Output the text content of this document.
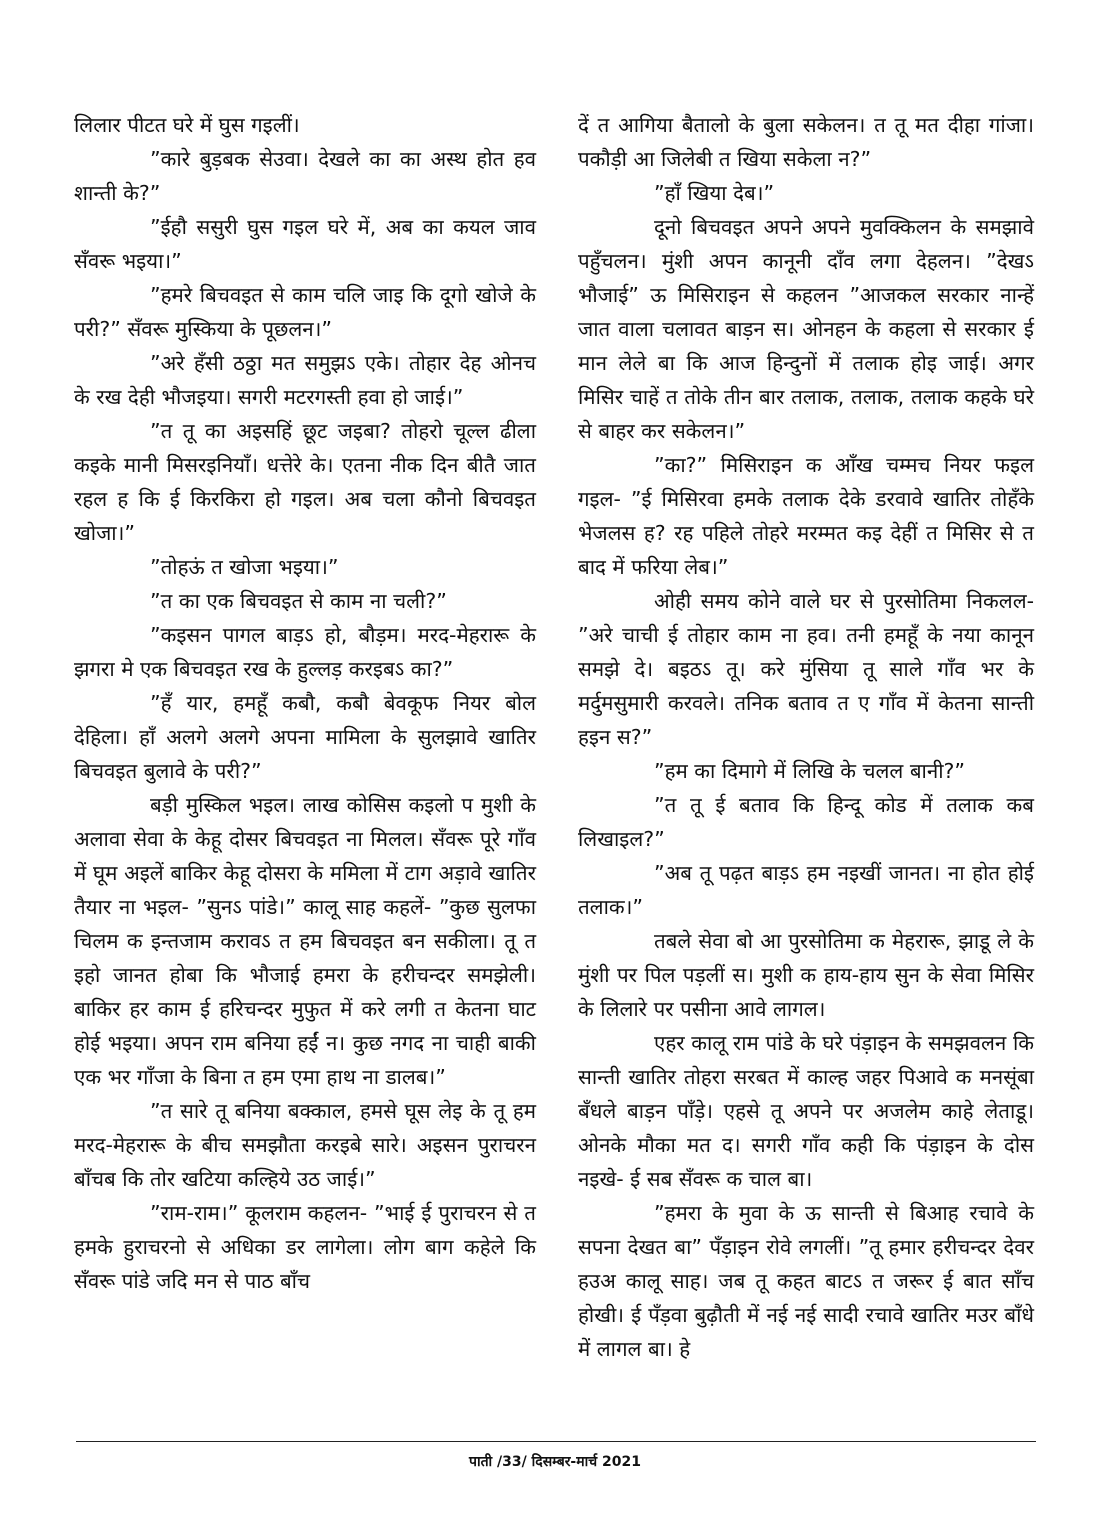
लिलार पीटत घरे में घुस गइलीं।

”कारे बुड़बक सेउवा। देखले का का अस्थ होत हव शान्ती के?”

”ईहौ ससुरी घुस गइल घरे में, अब का कयल जाव सँवरू भइया।”

”हमरे बिचवइत से काम चलि जाइ कि दूगो खोजे के परी?” सँवरू मुस्किया के पूछलन।”

”अरे हँसी ठठ्ठा मत समुझऽ एके। तोहार देह ओनच के रख देही भौजइया। सगरी मटरगस्ती हवा हो जाई।”

”त तू का अइसहिं छूट जइबा? तोहरो चूल्ल ढीला कइके मानी मिसरइनियाँ। धत्तेरे के। एतना नीक दिन बीतै जात रहल ह कि ई किरकिरा हो गइल। अब चला कौनो बिचवइत खोजा।”

”तोहऊं त खोजा भइया।”

”त का एक बिचवइत से काम ना चली?”

”कइसन पागल बाड़ऽ हो, बौड़म। मरद-मेहरारू के झगरा मे एक बिचवइत रख के हुल्लड़ करइबऽ का?”

”हँ यार, हमहूँ कबौ, कबौ बेवकूफ नियर बोल देहिला। हाँ अलगे अलगे अपना मामिला के सुलझावे खातिर बिचवइत बुलावे के परी?”

बड़ी मुस्किल भइल। लाख कोसिस कइलो प मुशी के अलावा सेवा के केहू दोसर बिचवइत ना मिलल। सँवरू पूरे गाँव में घूम अइलें बाकिर केहू दोसरा के ममिला में टाग अड़ावे खातिर तैयार ना भइल- ”सुनऽ पांडे।” कालू साह कहलें- ”कुछ सुलफा चिलम क इन्तजाम करावऽ त हम बिचवइत बन सकीला। तू त इहो जानत होबा कि भौजाई हमरा के हरीचन्दर समझेली। बाकिर हर काम ई हरिचन्दर मुफुत में करे लगी त केतना घाट होई भइया। अपन राम बनिया हईं न। कुछ नगद ना चाही बाकी एक भर गाँजा के बिना त हम एमा हाथ ना डालब।”

”त सारे तू बनिया बक्काल, हमसे घूस लेइ के तू हम मरद-मेहरारू के बीच समझौता करइबे सारे। अइसन पुराचरन बाँचब कि तोर खटिया कल्हिये उठ जाई।”

”राम-राम।” कूलराम कहलन- ”भाई ई पुराचरन से त हमके हुराचरनो से अधिका डर लागेला। लोग बाग कहेले कि सँवरू पांडे जदि मन से पाठ बाँच

दें त आगिया बैतालो के बुला सकेलन। त तू मत दीहा गांजा। पकौड़ी आ जिलेबी त खिया सकेला न?”

”हाँ खिया देब।”

दूनो बिचवइत अपने अपने मुवक्किलन के समझावे पहुँचलन। मुंशी अपन कानूनी दाँव लगा देहलन। ”देखऽ भौजाई” ऊ मिसिराइन से कहलन ”आजकल सरकार नान्हें जात वाला चलावत बाड़न स। ओनहन के कहला से सरकार ई मान लेले बा कि आज हिन्दुनों में तलाक होइ जाई। अगर मिसिर चाहें त तोके तीन बार तलाक, तलाक, तलाक कहके घरे से बाहर कर सकेलन।”

”का?” मिसिराइन क आँख चम्मच नियर फइल गइल- ”ई मिसिरवा हमके तलाक देके डरवावे खातिर तोहँके भेजलस ह? रह पहिले तोहरे मरम्मत कइ देहीं त मिसिर से त बाद में फरिया लेब।”

ओही समय कोने वाले घर से पुरसोतिमा निकलल- ”अरे चाची ई तोहार काम ना हव। तनी हमहूँ के नया कानून समझे दे। बइठऽ तू। करे मुंसिया तू साले गाँव भर के मर्दुमसुमारी करवले। तनिक बताव त ए गाँव में केतना सान्ती हइन स?”

”हम का दिमागे में लिखि के चलल बानी?”

”त तू ई बताव कि हिन्दू कोड में तलाक कब लिखाइल?”

”अब तू पढ़त बाड़ऽ हम नइखीं जानत। ना होत होई तलाक।”

तबले सेवा बो आ पुरसोतिमा क मेहरारू, झाडू ले के मुंशी पर पिल पड़लीं स। मुशी क हाय-हाय सुन के सेवा मिसिर के लिलारे पर पसीना आवे लागल।

एहर कालू राम पांडे के घरे पंड़ाइन के समझवलन कि सान्ती खातिर तोहरा सरबत में काल्ह जहर पिआवे क मनसूंबा बँधले बाड़न पाँड़े। एहसे तू अपने पर अजलेम काहे लेताडू। ओनके मौका मत द। सगरी गाँव कही कि पंड़ाइन के दोस नइखे- ई सब सँवरू क चाल बा।

”हमरा के मुवा के ऊ सान्ती से बिआह रचावे के सपना देखत बा” पँड़ाइन रोवे लगलीं। ”तू हमार हरीचन्दर देवर हउअ कालू साह। जब तू कहत बाटऽ त जरूर ई बात साँच होखी। ई पँड़वा बुढ़ौती में नई नई सादी रचावे खातिर मउर बाँधे में लागल बा। हे

पाती /33/ दिसम्बर-मार्च 2021
